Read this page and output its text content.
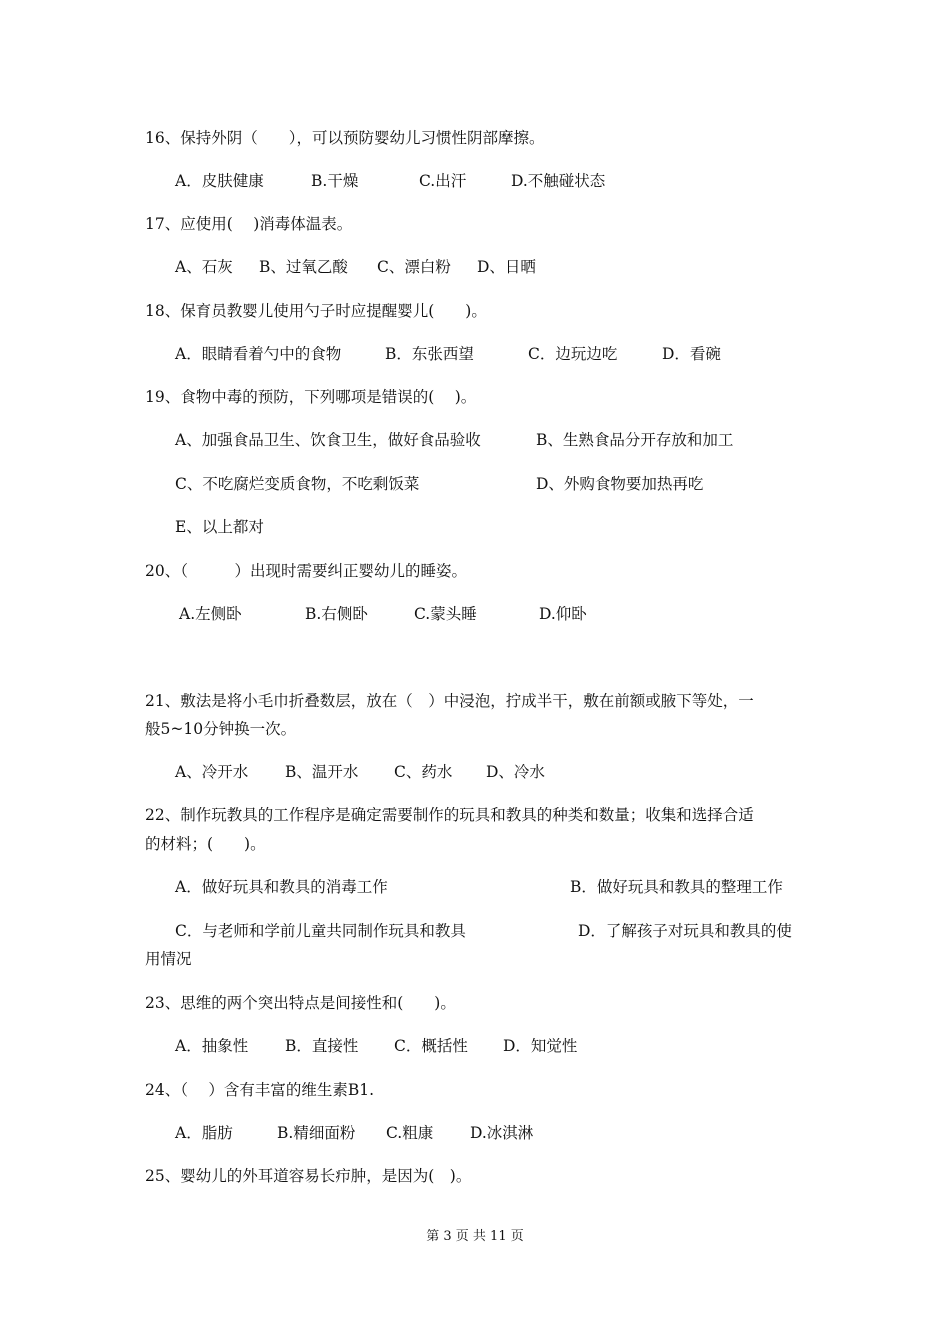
16、保持外阴（　　），可以预防婴幼儿习惯性阴部摩擦。
A．皮肤健康	B.干燥	C.出汗	D.不触碰状态
17、应使用(　 )消毒体温表。
A、石灰 B、过氧乙酸 C、漂白粉 D、日晒
18、保育员教婴儿使用勺子时应提醒婴儿(　　)。
A．眼睛看着勺中的食物	B．东张西望	C．边玩边吃	D．看碗
19、食物中毒的预防，下列哪项是错误的(　 )。
A、加强食品卫生、饮食卫生，做好食品验收	B、生熟食品分开存放和加工
C、不吃腐烂变质食物，不吃剩饭菜	D、外购食物要加热再吃
E、以上都对
20、（　　　）出现时需要纠正婴幼儿的睡姿。
A.左侧卧	B.右侧卧	C.蒙头睡	D.仰卧
21、敷法是将小毛巾折叠数层，放在（　）中浸泡，拧成半干，敷在前额或腋下等处，一
般5~10分钟换一次。
A、冷开水 B、温开水 C、药水 D、冷水
22、制作玩教具的工作程序是确定需要制作的玩具和教具的种类和数量；收集和选择合适
的材料；(　　)。
A．做好玩具和教具的消毒工作	B．做好玩具和教具的整理工作
C．与老师和学前儿童共同制作玩具和教具	D．了解孩子对玩具和教具的使
用情况
23、思维的两个突出特点是间接性和(　　)。
A．抽象性 B．直接性 C．概括性 D．知觉性
24、（　 ）含有丰富的维生素B1.
A．脂肪	B.精细面粉 C.粗康 D.冰淇淋
25、婴幼儿的外耳道容易长疖肿，是因为(　)。
第 3 页 共 11 页
